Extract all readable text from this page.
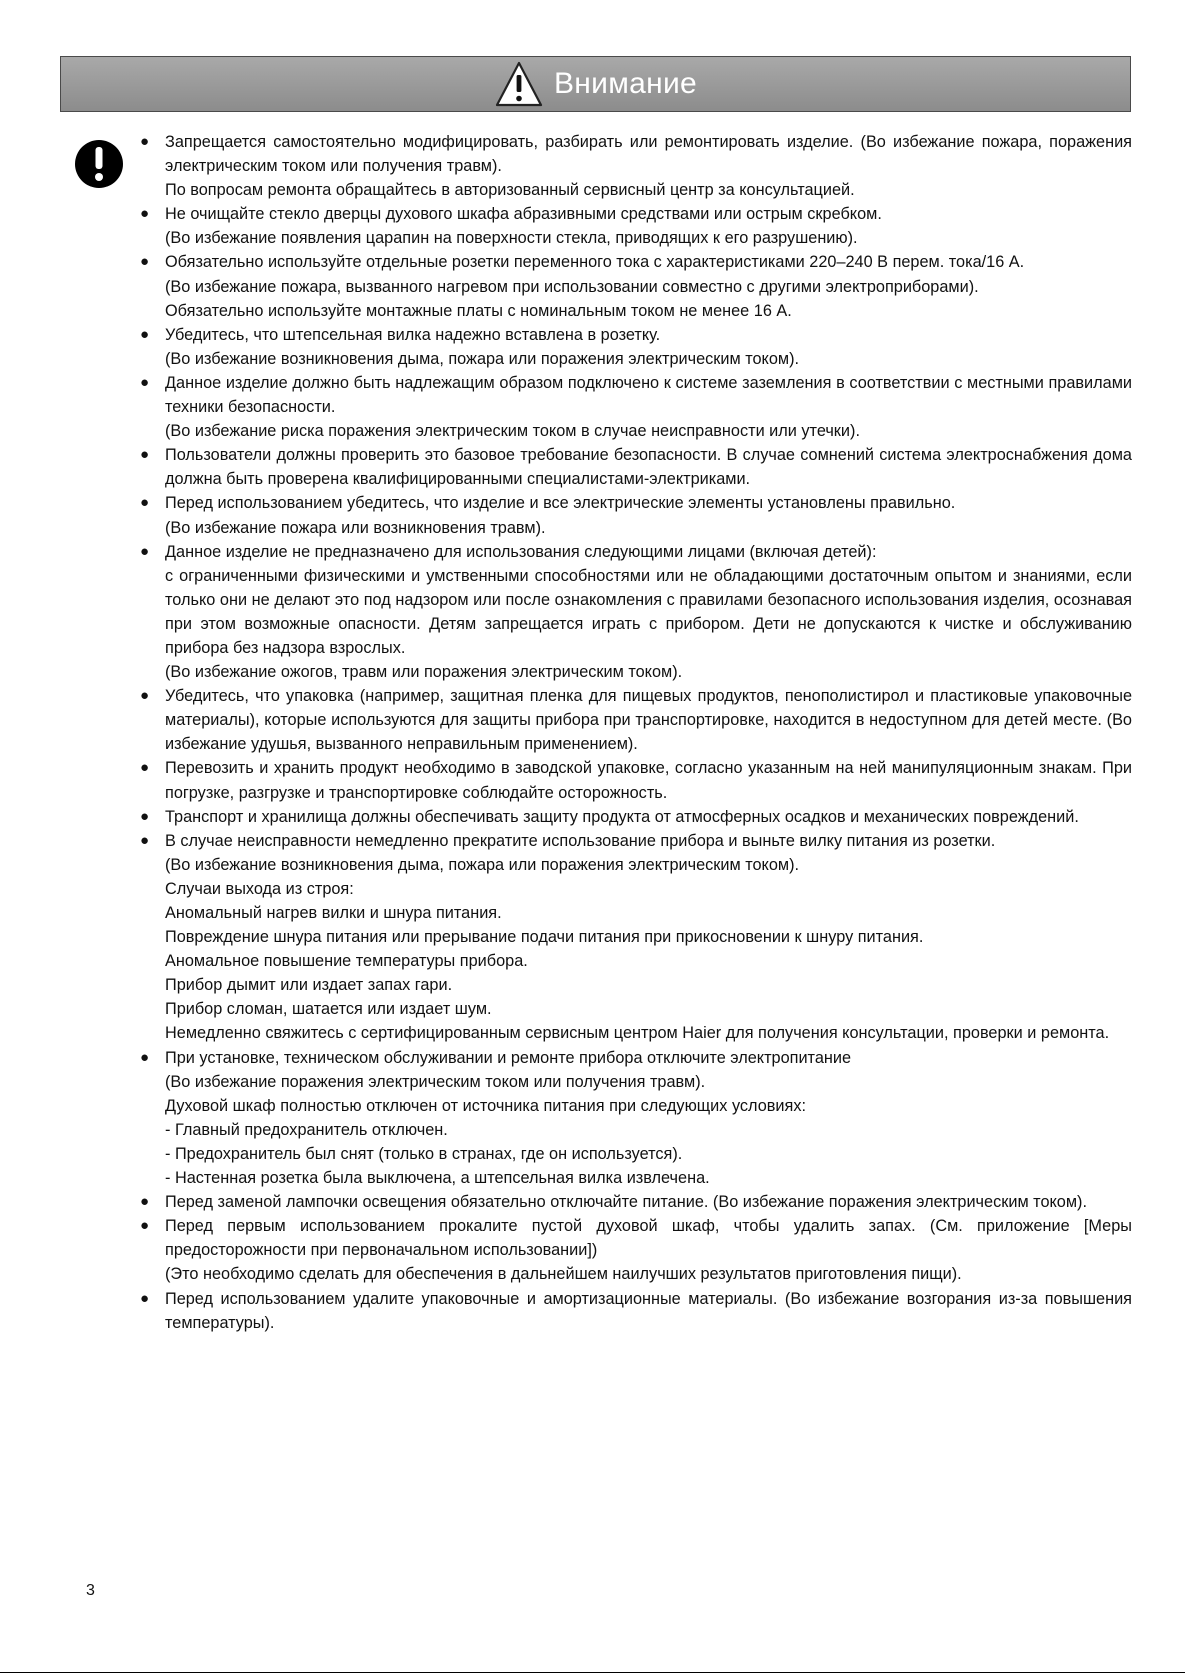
Внимание
● Запрещается самостоятельно модифицировать, разбирать или ремонтировать изделие. (Во избежание пожара, поражения электрическим током или получения травм).

По вопросам ремонта обращайтесь в авторизованный сервисный центр за консультацией.

● Не очищайте стекло дверцы духового шкафа абразивными средствами или острым скребком.

(Во избежание появления царапин на поверхности стекла, приводящих к его разрушению).

● Обязательно используйте отдельные розетки переменного тока с характеристиками 220–240 В перем. тока/16 А.

(Во избежание пожара, вызванного нагревом при использовании совместно с другими электроприборами).

Обязательно используйте монтажные платы с номинальным током не менее 16 А.

● Убедитесь, что штепсельная вилка надежно вставлена в розетку.

(Во избежание возникновения дыма, пожара или поражения электрическим током).

● Данное изделие должно быть надлежащим образом подключено к системе заземления в соответствии с местными правилами техники безопасности.

(Во избежание риска поражения электрическим током в случае неисправности или утечки).

● Пользователи должны проверить это базовое требование безопасности. В случае сомнений система электроснабжения дома должна быть проверена квалифицированными специалистами-электриками.

● Перед использованием убедитесь, что изделие и все электрические элементы установлены правильно.

(Во избежание пожара или возникновения травм).

● Данное изделие не предназначено для использования следующими лицами (включая детей):

с ограниченными физическими и умственными способностями или не обладающими достаточным опытом и знаниями, если только они не делают это под надзором или после ознакомления с правилами безопасного использования изделия, осознавая при этом возможные опасности. Детям запрещается играть с прибором. Дети не допускаются к чистке и обслуживанию прибора без надзора взрослых.

(Во избежание ожогов, травм или поражения электрическим током).

● Убедитесь, что упаковка (например, защитная пленка для пищевых продуктов, пенополистирол и пластиковые упаковочные материалы), которые используются для защиты прибора при транспортировке, находится в недоступном для детей месте. (Во избежание удушья, вызванного неправильным применением).

● Перевозить и хранить продукт необходимо в заводской упаковке, согласно указанным на ней манипуляционным знакам. При погрузке, разгрузке и транспортировке соблюдайте осторожность.

● Транспорт и хранилища должны обеспечивать защиту продукта от атмосферных осадков и механических повреждений.

● В случае неисправности немедленно прекратите использование прибора и выньте вилку питания из розетки.

(Во избежание возникновения дыма, пожара или поражения электрическим током).

Случаи выхода из строя:

Аномальный нагрев вилки и шнура питания.

Повреждение шнура питания или прерывание подачи питания при прикосновении к шнуру питания.

Аномальное повышение температуры прибора.

Прибор дымит или издает запах гари.

Прибор сломан, шатается или издает шум.

Немедленно свяжитесь с сертифицированным сервисным центром Haier для получения консультации, проверки и ремонта.

● При установке, техническом обслуживании и ремонте прибора отключите электропитание

(Во избежание поражения электрическим током или получения травм).

Духовой шкаф полностью отключен от источника питания при следующих условиях:

- Главный предохранитель отключен.

- Предохранитель был снят (только в странах, где он используется).

- Настенная розетка была выключена, а штепсельная вилка извлечена.

● Перед заменой лампочки освещения обязательно отключайте питание. (Во избежание поражения электрическим током).

● Перед первым использованием прокалите пустой духовой шкаф, чтобы удалить запах. (См. приложение [Меры предосторожности при первоначальном использовании])

(Это необходимо сделать для обеспечения в дальнейшем наилучших результатов приготовления пищи).

● Перед использованием удалите упаковочные и амортизационные материалы. (Во избежание возгорания из-за повышения температуры).

3
